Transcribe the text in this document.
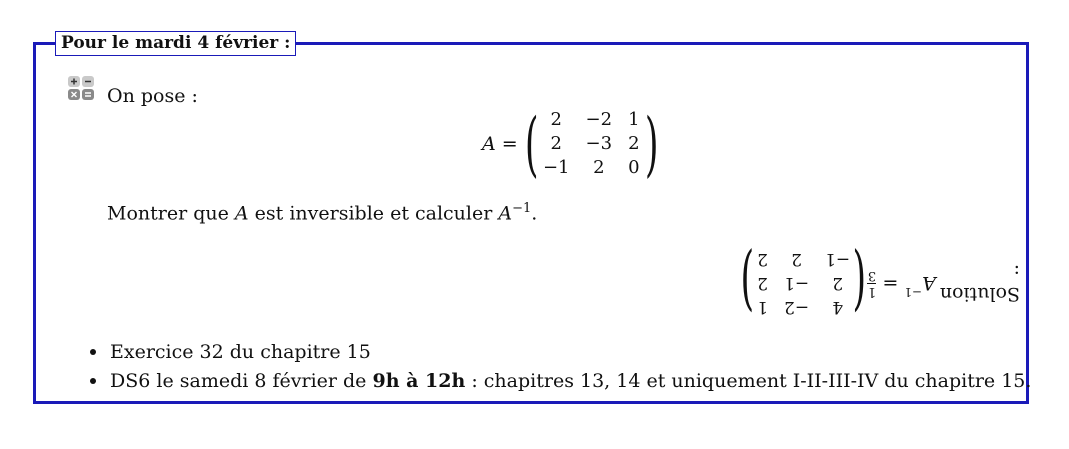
Pour le mardi 4 février :
On pose :
A = ( 2	−2	1
2	−3	2
−1	2	0 )
Montrer que A est inversible et calculer $A^{-1}$.
Solution :
A
−1
=
1
3
(
4	−2	1
2	−1	2
−1	2	2
)
Exercice 32 du chapitre 15
DS6 le samedi 8 février de 9h à 12h : chapitres 13, 14 et uniquement I-II-III-IV du chapitre 15.
